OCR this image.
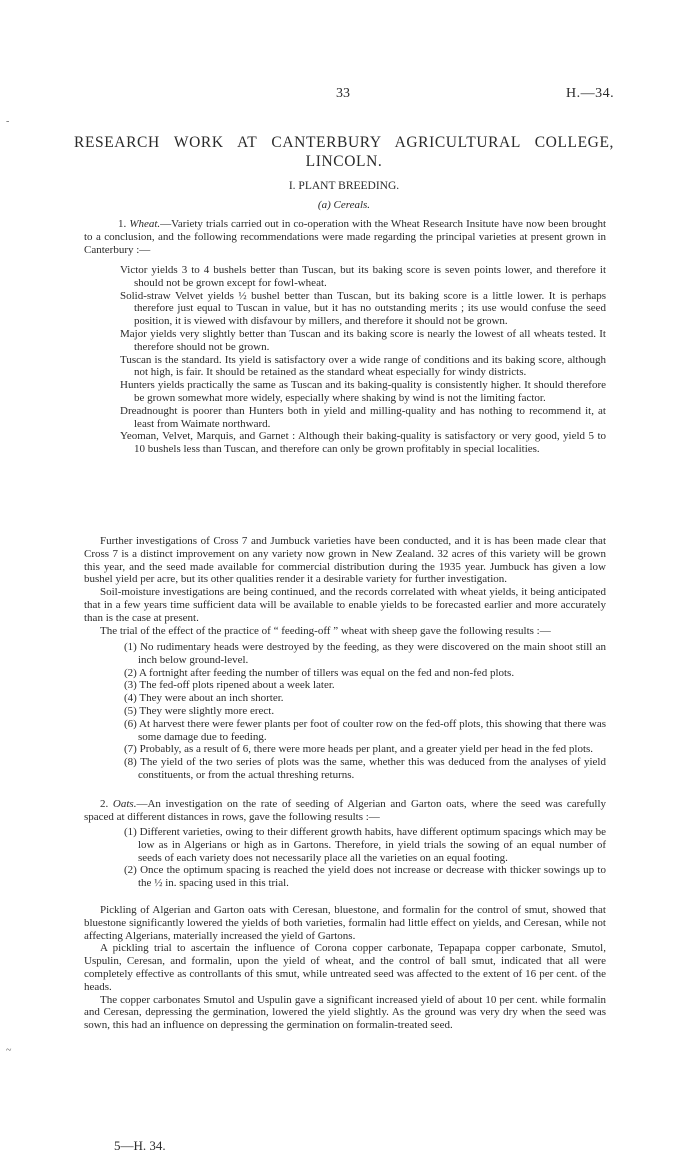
-
~
33	H.—34.
RESEARCH WORK AT CANTERBURY AGRICULTURAL COLLEGE,
LINCOLN.
I. PLANT BREEDING.
(a) Cereals.

1. Wheat.—Variety trials carried out in co-operation with the Wheat Research Insitute have now been brought to a conclusion, and the following recommendations were made regarding the principal varieties at present grown in Canterbury :—

Victor yields 3 to 4 bushels better than Tuscan, but its baking score is seven points lower, and therefore it should not be grown except for fowl-wheat.

Solid-straw Velvet yields ½ bushel better than Tuscan, but its baking score is a little lower. It is perhaps therefore just equal to Tuscan in value, but it has no outstanding merits ; its use would confuse the seed position, it is viewed with disfavour by millers, and therefore it should not be grown.

Major yields very slightly better than Tuscan and its baking score is nearly the lowest of all wheats tested. It therefore should not be grown.

Tuscan is the standard. Its yield is satisfactory over a wide range of conditions and its baking score, although not high, is fair. It should be retained as the standard wheat especially for windy districts.

Hunters yields practically the same as Tuscan and its baking-quality is consistently higher. It should therefore be grown somewhat more widely, especially where shaking by wind is not the limiting factor.

Dreadnought is poorer than Hunters both in yield and milling-quality and has nothing to recommend it, at least from Waimate northward.

Yeoman, Velvet, Marquis, and Garnet : Although their baking-quality is satisfactory or very good, yield 5 to 10 bushels less than Tuscan, and therefore can only be grown profitably in special localities.

Further investigations of Cross 7 and Jumbuck varieties have been conducted, and it is has been made clear that Cross 7 is a distinct improvement on any variety now grown in New Zealand. 32 acres of this variety will be grown this year, and the seed made available for commercial distribution during the 1935 year. Jumbuck has given a low bushel yield per acre, but its other qualities render it a desirable variety for further investigation.

Soil-moisture investigations are being continued, and the records correlated with wheat yields, it being anticipated that in a few years time sufficient data will be available to enable yields to be forecasted earlier and more accurately than is the case at present.

The trial of the effect of the practice of “ feeding-off ” wheat with sheep gave the following results :—

(1) No rudimentary heads were destroyed by the feeding, as they were discovered on the main shoot still an inch below ground-level.

(2) A fortnight after feeding the number of tillers was equal on the fed and non-fed plots.

(3) The fed-off plots ripened about a week later.

(4) They were about an inch shorter.

(5) They were slightly more erect.

(6) At harvest there were fewer plants per foot of coulter row on the fed-off plots, this showing that there was some damage due to feeding.

(7) Probably, as a result of 6, there were more heads per plant, and a greater yield per head in the fed plots.

(8) The yield of the two series of plots was the same, whether this was deduced from the analyses of yield constituents, or from the actual threshing returns.

2. Oats.—An investigation on the rate of seeding of Algerian and Garton oats, where the seed was carefully spaced at different distances in rows, gave the following results :—

(1) Different varieties, owing to their different growth habits, have different optimum spacings which may be low as in Algerians or high as in Gartons. Therefore, in yield trials the sowing of an equal number of seeds of each variety does not necessarily place all the varieties on an equal footing.

(2) Once the optimum spacing is reached the yield does not increase or decrease with thicker sowings up to the ½ in. spacing used in this trial.

Pickling of Algerian and Garton oats with Ceresan, bluestone, and formalin for the control of smut, showed that bluestone significantly lowered the yields of both varieties, formalin had little effect on yields, and Ceresan, while not affecting Algerians, materially increased the yield of Gartons.

A pickling trial to ascertain the influence of Corona copper carbonate, Tepapapa copper carbonate, Smutol, Uspulin, Ceresan, and formalin, upon the yield of wheat, and the control of ball smut, indicated that all were completely effective as controllants of this smut, while untreated seed was affected to the extent of 16 per cent. of the heads.

The copper carbonates Smutol and Uspulin gave a significant increased yield of about 10 per cent. while formalin and Ceresan, depressing the germination, lowered the yield slightly. As the ground was very dry when the seed was sown, this had an influence on depressing the germination on formalin-treated seed.

5—H. 34.
